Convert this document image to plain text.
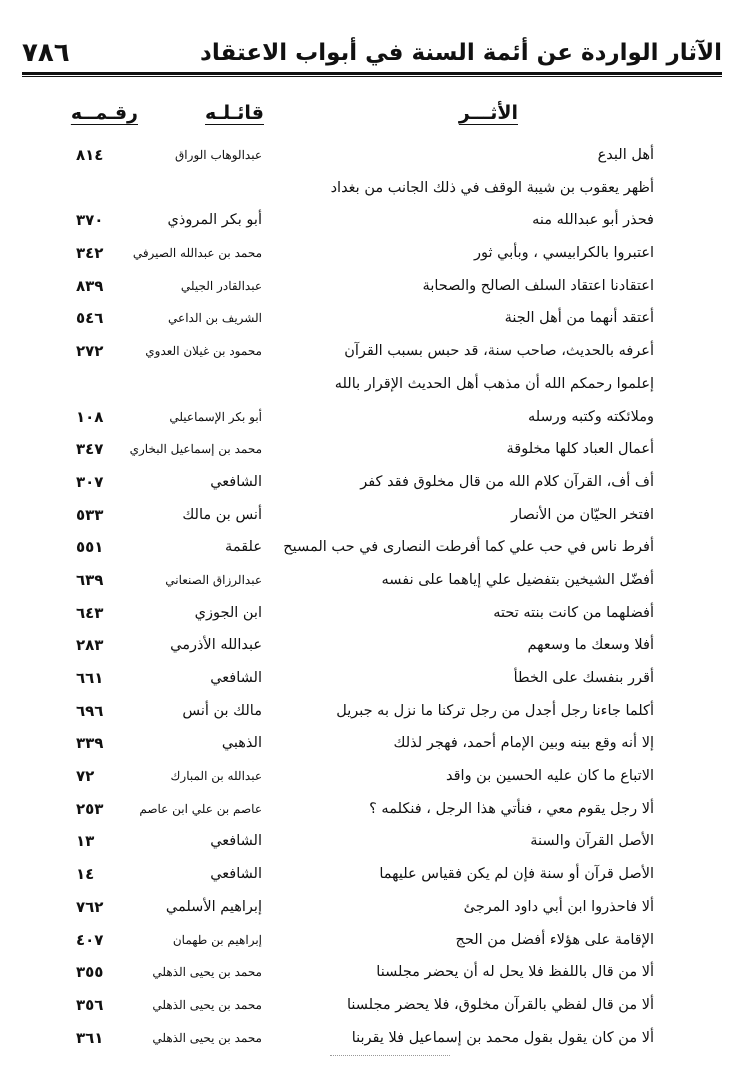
الآثار الواردة عن أئمة السنة في أبواب الاعتقاد
٧٨٦
الأثـــر
قائـلـه
رقـمــه
أهل البدع
عبدالوهاب الوراق
٨١٤
أظهر يعقوب بن شيبة الوقف في ذلك الجانب من بغداد
فحذر أبو عبدالله منه
أبو بكر المروذي
٣٧٠
اعتبروا بالكرابيسي ، وبأبي ثور
محمد بن عبدالله الصيرفي
٣٤٢
اعتقادنا اعتقاد السلف الصالح والصحابة
عبدالقادر الجيلي
٨٣٩
أعتقد أنهما من أهل الجنة
الشريف بن الداعي
٥٤٦
أعرفه بالحديث، صاحب سنة، قد حبس بسبب القرآن
محمود بن غيلان العدوي
٢٧٢
إعلموا رحمكم الله أن مذهب أهل الحديث الإقرار بالله
وملائكته وكتبه ورسله
أبو بكر الإسماعيلي
١٠٨
أعمال العباد كلها مخلوقة
محمد بن إسماعيل البخاري
٣٤٧
أف أف، القرآن كلام الله من قال مخلوق فقد كفر
الشافعي
٣٠٧
افتخر الحيّان من الأنصار
أنس بن مالك
٥٣٣
أفرط ناس في حب علي كما أفرطت النصارى في حب المسيح
علقمة
٥٥١
أفضّل الشيخين بتفضيل علي إياهما على نفسه
عبدالرزاق الصنعاني
٦٣٩
أفضلهما من كانت بنته تحته
ابن الجوزي
٦٤٣
أفلا وسعك ما وسعهم
عبدالله الأذرمي
٢٨٣
أقرر بنفسك على الخطأ
الشافعي
٦٦١
أكلما جاءنا رجل أجدل من رجل تركنا ما نزل به جبريل
مالك بن أنس
٦٩٦
إلا أنه وقع بينه وبين الإمام أحمد، فهجر لذلك
الذهبي
٣٣٩
الاتباع ما كان عليه الحسين بن واقد
عبدالله بن المبارك
٧٢
ألا رجل يقوم معي ، فنأتي هذا الرجل ، فنكلمه ؟
عاصم بن علي ابن عاصم
٢٥٣
الأصل القرآن والسنة
الشافعي
١٣
الأصل قرآن أو سنة فإن لم يكن فقياس عليهما
الشافعي
١٤
ألا فاحذروا ابن أبي داود المرجئ
إبراهيم الأسلمي
٧٦٢
الإقامة على هؤلاء أفضل من الحج
إبراهيم بن طهمان
٤٠٧
ألا من قال باللفظ فلا يحل له أن يحضر مجلسنا
محمد بن يحيى الذهلي
٣٥٥
ألا من قال لفظي بالقرآن مخلوق، فلا يحضر مجلسنا
محمد بن يحيى الذهلي
٣٥٦
ألا من كان يقول بقول محمد بن إسماعيل فلا يقربنا
محمد بن يحيى الذهلي
٣٦١
